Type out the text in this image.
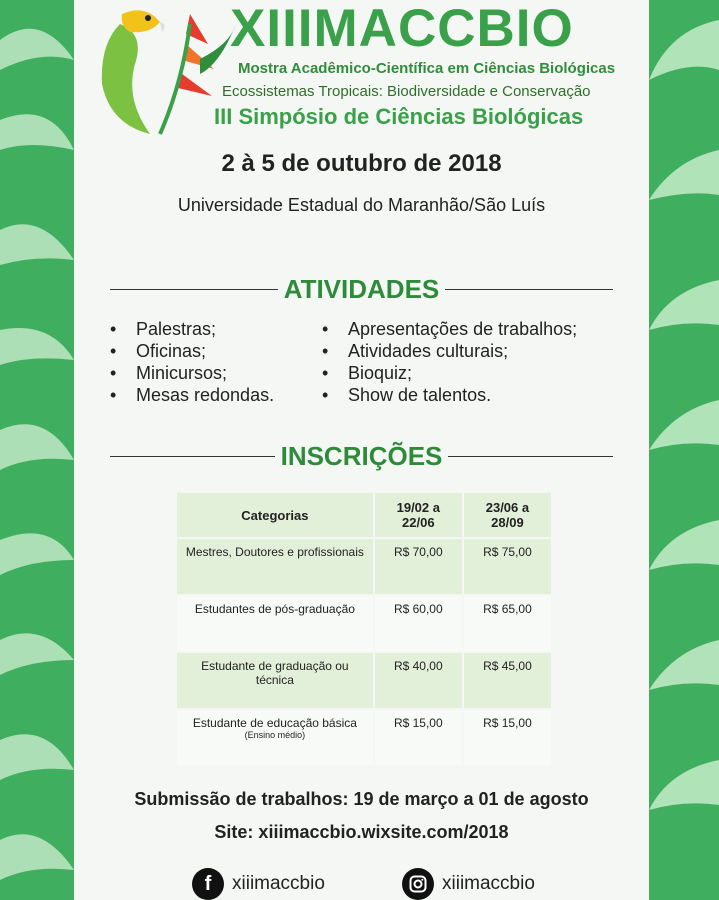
XIIIMACCBIO
Mostra Acadêmico-Científica em Ciências Biológicas
Ecossistemas Tropicais: Biodiversidade e Conservação
III Simpósio de Ciências Biológicas
2 à 5 de outubro de 2018
Universidade Estadual do Maranhão/São Luís
ATIVIDADES
•	Palestras;
•	Oficinas;
•	Minicursos;
•	Mesas redondas.
•	Apresentações de trabalhos;
•	Atividades culturais;
•	Bioquiz;
•	Show de talentos.
INSCRIÇÕES
Categorias	19/02 a 22/06	23/06 a 28/09
Mestres, Doutores e profissionais	R$ 70,00	R$ 75,00
Estudantes de pós-graduação	R$ 60,00	R$ 65,00
Estudante de graduação ou técnica	R$ 40,00	R$ 45,00
Estudante de educação básica
(Ensino médio)	R$ 15,00	R$ 15,00
Submissão de trabalhos: 19 de março a 01 de agosto
Site: xiiimaccbio.wixsite.com/2018
f	xiiimaccbio	xiiimaccbio
